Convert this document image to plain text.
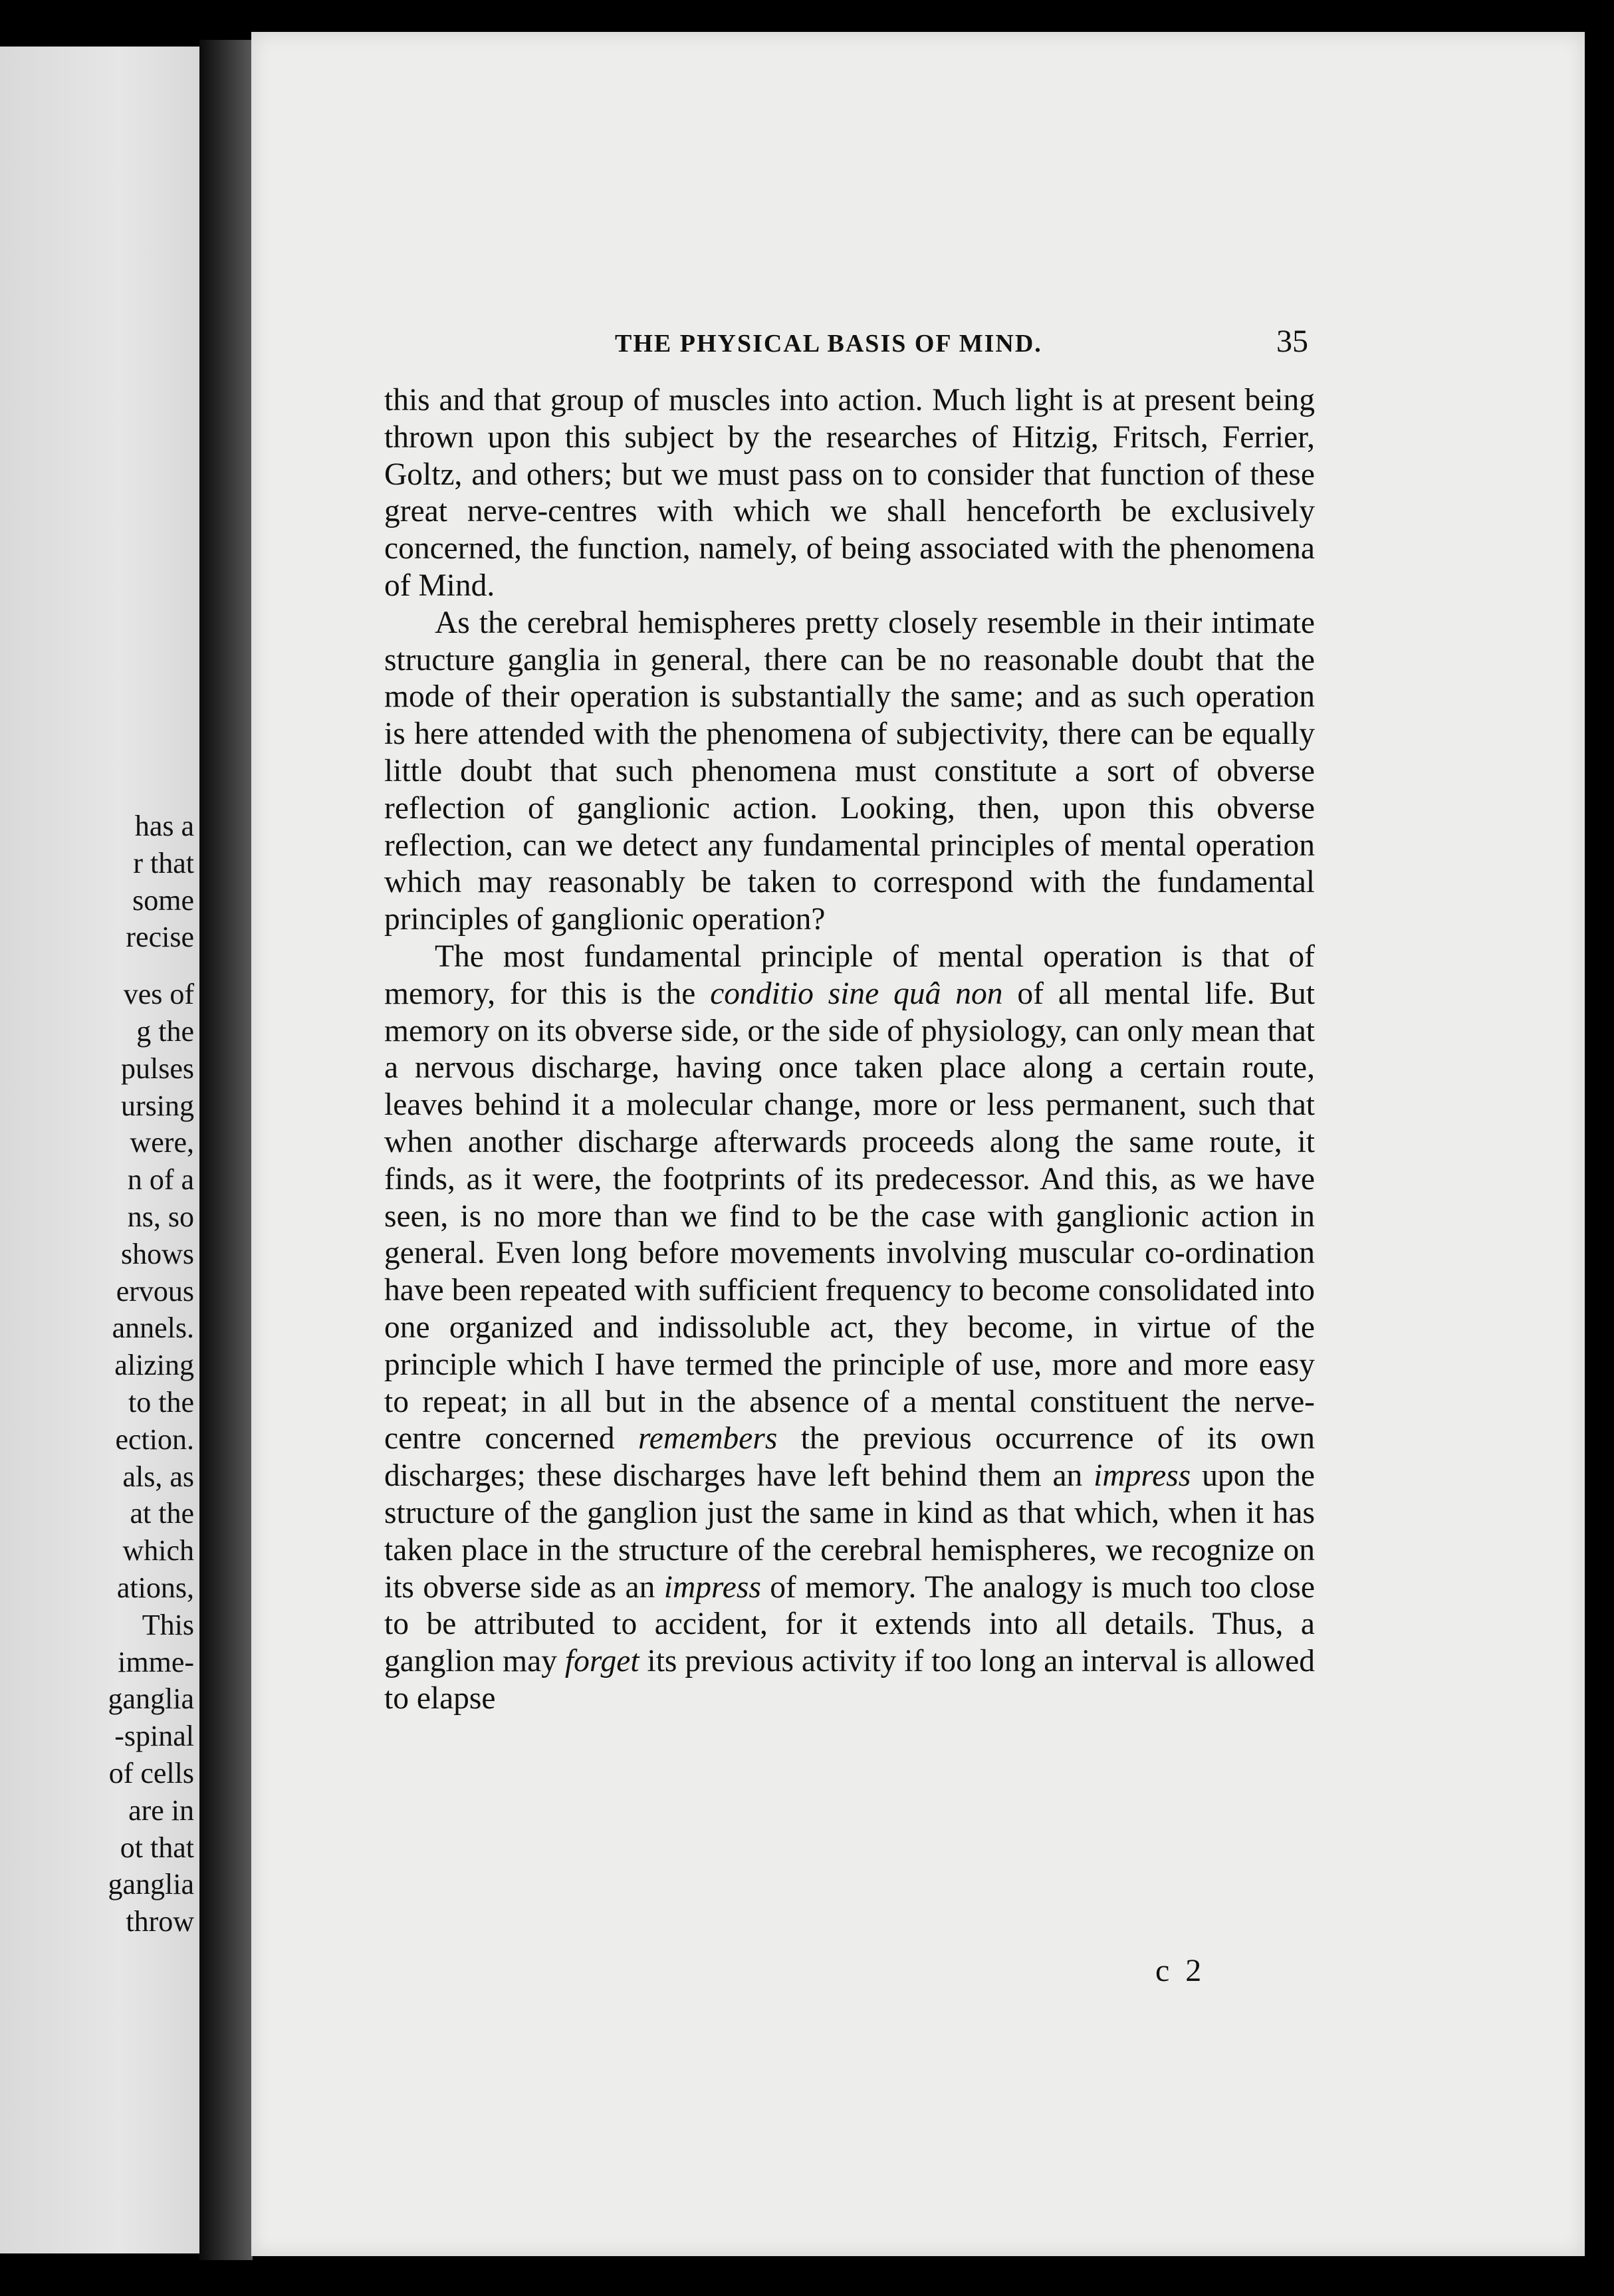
has a
r that
some
recise
ves of
g the
pulses
ursing
were,
n of a
ns, so
shows
ervous
annels.
alizing
to the
ection.
als, as
at the
which
ations,
This
imme-
ganglia
-spinal
of cells
are in
ot that
ganglia
throw
THE PHYSICAL BASIS OF MIND.	35

this and that group of muscles into action. Much light is at present being thrown upon this subject by the researches of Hitzig, Fritsch, Ferrier, Goltz, and others; but we must pass on to consider that function of these great nerve-centres with which we shall henceforth be exclusively concerned, the function, namely, of being associated with the phenomena of Mind.

As the cerebral hemispheres pretty closely resemble in their intimate structure ganglia in general, there can be no reasonable doubt that the mode of their operation is substantially the same; and as such operation is here attended with the phenomena of subjectivity, there can be equally little doubt that such phenomena must constitute a sort of obverse reflection of ganglionic action. Looking, then, upon this obverse reflection, can we detect any fundamental principles of mental operation which may reasonably be taken to correspond with the fundamental principles of ganglionic operation?

The most fundamental principle of mental operation is that of memory, for this is the conditio sine quâ non of all mental life. But memory on its obverse side, or the side of physiology, can only mean that a nervous discharge, having once taken place along a certain route, leaves behind it a molecular change, more or less permanent, such that when another discharge afterwards proceeds along the same route, it finds, as it were, the footprints of its predecessor. And this, as we have seen, is no more than we find to be the case with ganglionic action in general. Even long before movements involving muscular co-ordination have been repeated with sufficient frequency to become consolidated into one organized and indissoluble act, they become, in virtue of the principle which I have termed the principle of use, more and more easy to repeat; in all but in the absence of a mental constituent the nerve-centre concerned remembers the previous occurrence of its own discharges; these discharges have left behind them an impress upon the structure of the ganglion just the same in kind as that which, when it has taken place in the structure of the cerebral hemispheres, we recognize on its obverse side as an impress of memory. The analogy is much too close to be attributed to accident, for it extends into all details. Thus, a ganglion may forget its previous activity if too long an interval is allowed to elapse

c 2
